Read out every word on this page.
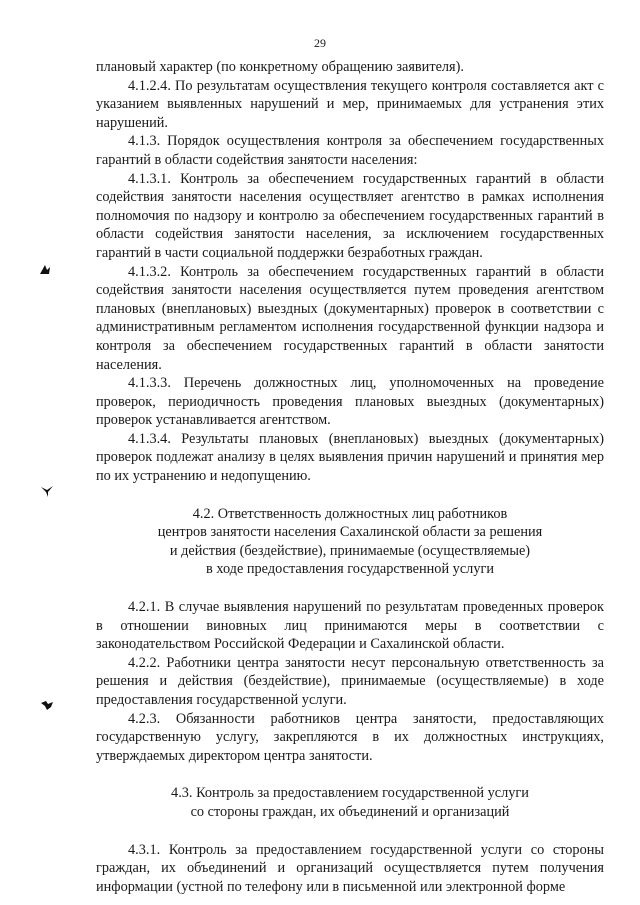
29

плановый характер (по конкретному обращению заявителя).

4.1.2.4. По результатам осуществления текущего контроля составляется акт с указанием выявленных нарушений и мер, принимаемых для устранения этих нарушений.

4.1.3. Порядок осуществления контроля за обеспечением государственных гарантий в области содействия занятости населения:

4.1.3.1. Контроль за обеспечением государственных гарантий в области содействия занятости населения осуществляет агентство в рамках исполнения полномочия по надзору и контролю за обеспечением государственных гарантий в области содействия занятости населения, за исключением государственных гарантий в части социальной поддержки безработных граждан.

4.1.3.2. Контроль за обеспечением государственных гарантий в области содействия занятости населения осуществляется путем проведения агентством плановых (внеплановых) выездных (документарных) проверок в соответствии с административным регламентом исполнения государственной функции надзора и контроля за обеспечением государственных гарантий в области занятости населения.

4.1.3.3. Перечень должностных лиц, уполномоченных на проведение проверок, периодичность проведения плановых выездных (документарных) проверок устанавливается агентством.

4.1.3.4. Результаты плановых (внеплановых) выездных (документарных) проверок подлежат анализу в целях выявления причин нарушений и принятия мер по их устранению и недопущению.

4.2. Ответственность должностных лиц работников
центров занятости населения Сахалинской области за решения
и действия (бездействие), принимаемые (осуществляемые)
в ходе предоставления государственной услуги

4.2.1. В случае выявления нарушений по результатам проведенных проверок в отношении виновных лиц принимаются меры в соответствии с законодательством Российской Федерации и Сахалинской области.

4.2.2. Работники центра занятости несут персональную ответственность за решения и действия (бездействие), принимаемые (осуществляемые) в ходе предоставления государственной услуги.

4.2.3. Обязанности работников центра занятости, предоставляющих государственную услугу, закрепляются в их должностных инструкциях, утверждаемых директором центра занятости.

4.3. Контроль за предоставлением государственной услуги
со стороны граждан, их объединений и организаций

4.3.1. Контроль за предоставлением государственной услуги со стороны граждан, их объединений и организаций осуществляется путем получения информации (устной по телефону или в письменной или электронной форме
